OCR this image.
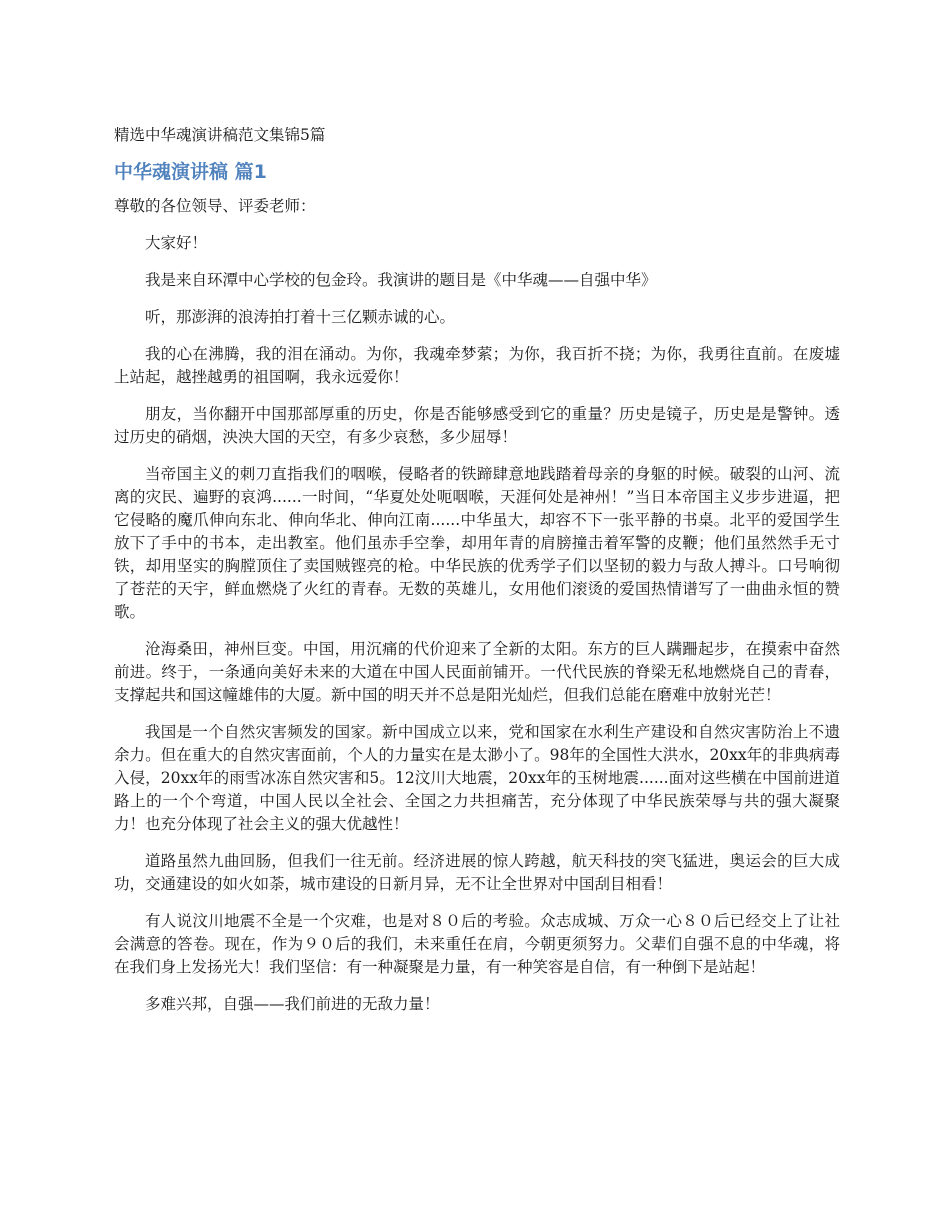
精选中华魂演讲稿范文集锦5篇

中华魂演讲稿 篇1

尊敬的各位领导、评委老师：

大家好！

我是来自环潭中心学校的包金玲。我演讲的题目是《中华魂——自强中华》

听，那澎湃的浪涛拍打着十三亿颗赤诚的心。

我的心在沸腾，我的泪在涌动。为你，我魂牵梦萦；为你，我百折不挠；为你，我勇往直前。在废墟上站起，越挫越勇的祖国啊，我永远爱你！

朋友，当你翻开中国那部厚重的历史，你是否能够感受到它的重量？历史是镜子，历史是是警钟。透过历史的硝烟，泱泱大国的天空，有多少哀愁，多少屈辱！

当帝国主义的刺刀直指我们的咽喉，侵略者的铁蹄肆意地践踏着母亲的身躯的时候。破裂的山河、流离的灾民、遍野的哀鸿......一时间，“华夏处处呃咽喉，天涯何处是神州！”当日本帝国主义步步进逼，把它侵略的魔爪伸向东北、伸向华北、伸向江南......中华虽大，却容不下一张平静的书桌。北平的爱国学生放下了手中的书本，走出教室。他们虽赤手空拳，却用年青的肩膀撞击着军警的皮鞭；他们虽然然手无寸铁，却用坚实的胸膛顶住了卖国贼铿亮的枪。中华民族的优秀学子们以坚韧的毅力与敌人搏斗。口号响彻了苍茫的天宇，鲜血燃烧了火红的青春。无数的英雄儿，女用他们滚烫的爱国热情谱写了一曲曲永恒的赞歌。

沧海桑田，神州巨变。中国，用沉痛的代价迎来了全新的太阳。东方的巨人蹒跚起步，在摸索中奋然前进。终于，一条通向美好未来的大道在中国人民面前铺开。一代代民族的脊梁无私地燃烧自己的青春，支撑起共和国这幢雄伟的大厦。新中国的明天并不总是阳光灿烂，但我们总能在磨难中放射光芒！

我国是一个自然灾害频发的国家。新中国成立以来，党和国家在水利生产建设和自然灾害防治上不遗余力。但在重大的自然灾害面前，个人的力量实在是太渺小了。98年的全国性大洪水，20xx年的非典病毒入侵，20xx年的雨雪冰冻自然灾害和5。12汶川大地震，20xx年的玉树地震......面对这些横在中国前进道路上的一个个弯道，中国人民以全社会、全国之力共担痛苦，充分体现了中华民族荣辱与共的强大凝聚力！也充分体现了社会主义的强大优越性！

道路虽然九曲回肠，但我们一往无前。经济进展的惊人跨越，航天科技的突飞猛进，奥运会的巨大成功，交通建设的如火如荼，城市建设的日新月异，无不让全世界对中国刮目相看！

有人说汶川地震不全是一个灾难，也是对８０后的考验。众志成城、万众一心８０后已经交上了让社会满意的答卷。现在，作为９０后的我们，未来重任在肩，今朝更须努力。父辈们自强不息的中华魂，将在我们身上发扬光大！我们坚信：有一种凝聚是力量，有一种笑容是自信，有一种倒下是站起！

多难兴邦，自强——我们前进的无敌力量！
